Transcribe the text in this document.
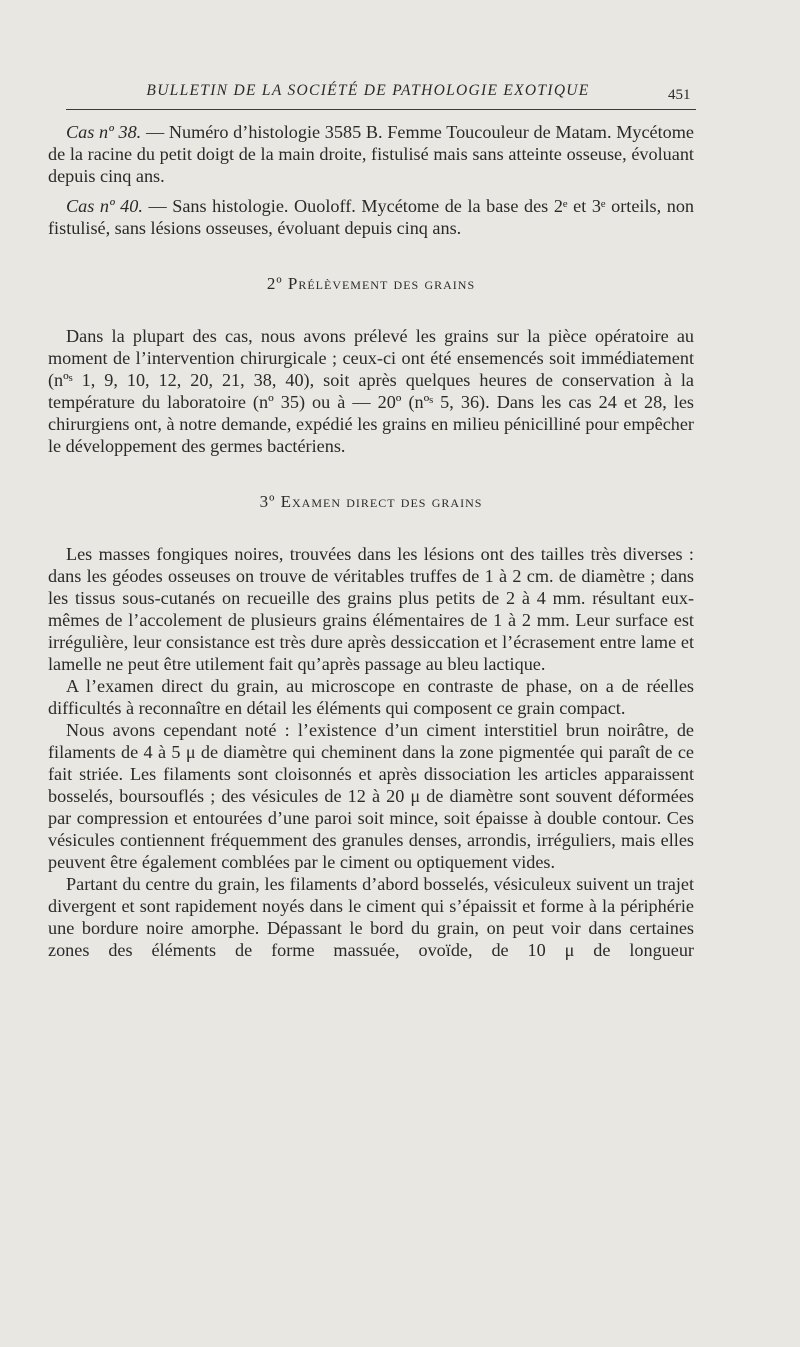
BULLETIN DE LA SOCIÉTÉ DE PATHOLOGIE EXOTIQUE	451

Cas nº 38. — Numéro d’histologie 3585 B. Femme Toucouleur de Matam. Mycétome de la racine du petit doigt de la main droite, fistulisé mais sans atteinte osseuse, évoluant depuis cinq ans.

Cas nº 40. — Sans histologie. Ouoloff. Mycétome de la base des 2ᵉ et 3ᵉ orteils, non fistulisé, sans lésions osseuses, évoluant depuis cinq ans.

2º Prélèvement des grains

Dans la plupart des cas, nous avons prélevé les grains sur la pièce opératoire au moment de l’intervention chirurgicale ; ceux-ci ont été ensemencés soit immédiatement (nºˢ 1, 9, 10, 12, 20, 21, 38, 40), soit après quelques heures de conservation à la température du laboratoire (nº 35) ou à — 20º (nºˢ 5, 36). Dans les cas 24 et 28, les chirurgiens ont, à notre demande, expédié les grains en milieu pénicilliné pour empêcher le développement des germes bactériens.

3º Examen direct des grains

Les masses fongiques noires, trouvées dans les lésions ont des tailles très diverses : dans les géodes osseuses on trouve de véritables truffes de 1 à 2 cm. de diamètre ; dans les tissus sous-cutanés on recueille des grains plus petits de 2 à 4 mm. résultant eux-mêmes de l’accolement de plusieurs grains élémentaires de 1 à 2 mm. Leur surface est irrégulière, leur consistance est très dure après dessiccation et l’écrasement entre lame et lamelle ne peut être utilement fait qu’après passage au bleu lactique.

A l’examen direct du grain, au microscope en contraste de phase, on a de réelles difficultés à reconnaître en détail les éléments qui composent ce grain compact.

Nous avons cependant noté : l’existence d’un ciment interstitiel brun noirâtre, de filaments de 4 à 5 μ de diamètre qui cheminent dans la zone pigmentée qui paraît de ce fait striée. Les filaments sont cloisonnés et après dissociation les articles apparaissent bosselés, boursouflés ; des vésicules de 12 à 20 μ de diamètre sont souvent déformées par compression et entourées d’une paroi soit mince, soit épaisse à double contour. Ces vésicules contiennent fréquemment des granules denses, arrondis, irréguliers, mais elles peuvent être également comblées par le ciment ou optiquement vides.

Partant du centre du grain, les filaments d’abord bosselés, vésiculeux suivent un trajet divergent et sont rapidement noyés dans le ciment qui s’épaissit et forme à la périphérie une bordure noire amorphe. Dépassant le bord du grain, on peut voir dans certaines zones des éléments de forme massuée, ovoïde, de 10 μ de longueur
